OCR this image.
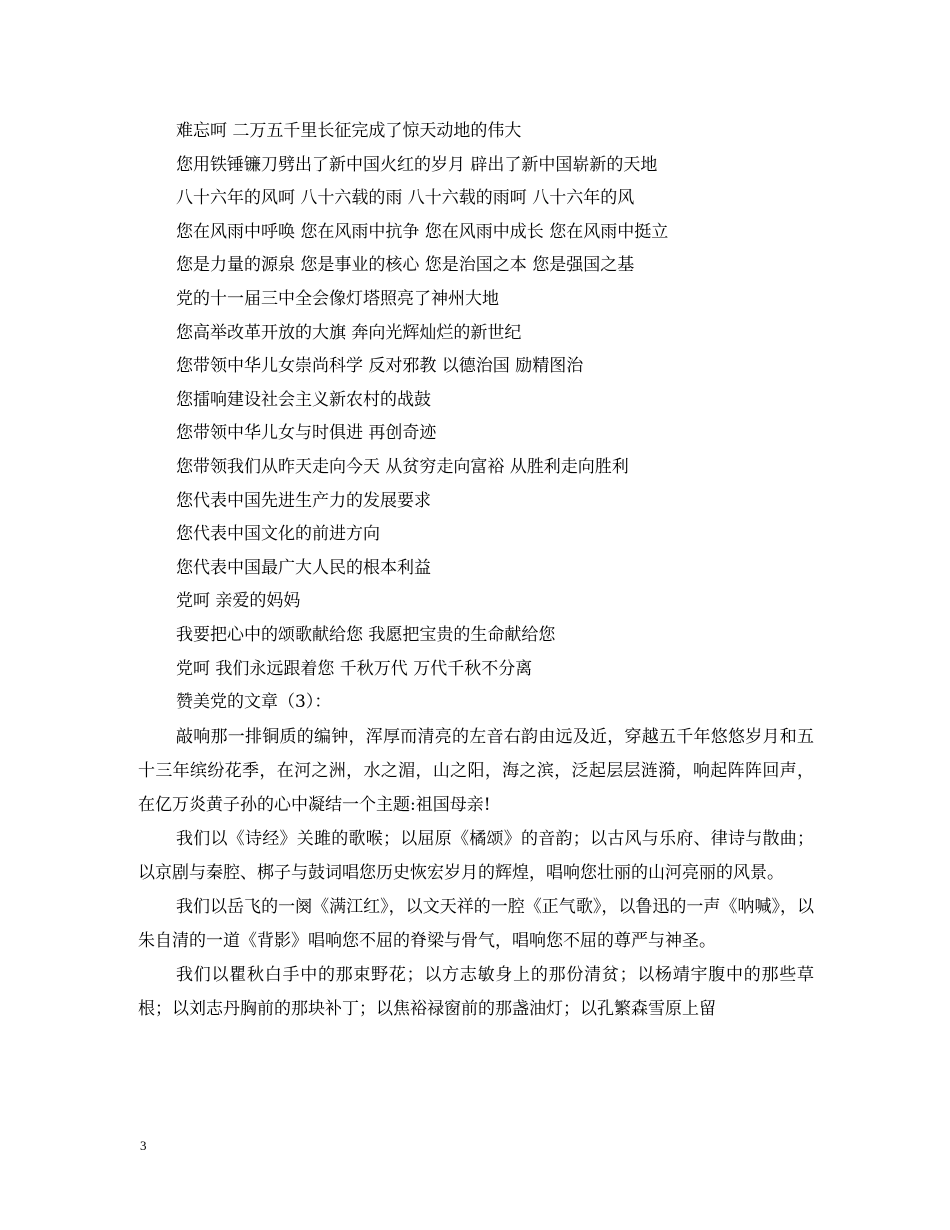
难忘呵 二万五千里长征完成了惊天动地的伟大
您用铁锤镰刀劈出了新中国火红的岁月 辟出了新中国崭新的天地
八十六年的风呵 八十六载的雨 八十六载的雨呵 八十六年的风
您在风雨中呼唤 您在风雨中抗争 您在风雨中成长 您在风雨中挺立
您是力量的源泉 您是事业的核心 您是治国之本 您是强国之基
党的十一届三中全会像灯塔照亮了神州大地
您高举改革开放的大旗 奔向光辉灿烂的新世纪
您带领中华儿女崇尚科学 反对邪教 以德治国 励精图治
您擂响建设社会主义新农村的战鼓
您带领中华儿女与时俱进 再创奇迹
您带领我们从昨天走向今天 从贫穷走向富裕 从胜利走向胜利
您代表中国先进生产力的发展要求
您代表中国文化的前进方向
您代表中国最广大人民的根本利益
党呵 亲爱的妈妈
我要把心中的颂歌献给您 我愿把宝贵的生命献给您
党呵 我们永远跟着您 千秋万代 万代千秋不分离
赞美党的文章（3）：

敲响那一排铜质的编钟，浑厚而清亮的左音右韵由远及近，穿越五千年悠悠岁月和五十三年缤纷花季，在河之洲，水之湄，山之阳，海之滨，泛起层层涟漪，响起阵阵回声，在亿万炎黄子孙的心中凝结一个主题:祖国母亲!

我们以《诗经》关雎的歌喉；以屈原《橘颂》的音韵；以古风与乐府、律诗与散曲；以京剧与秦腔、梆子与鼓词唱您历史恢宏岁月的辉煌，唱响您壮丽的山河亮丽的风景。

我们以岳飞的一阕《满江红》，以文天祥的一腔《正气歌》，以鲁迅的一声《呐喊》，以朱自清的一道《背影》唱响您不屈的脊梁与骨气，唱响您不屈的尊严与神圣。

我们以瞿秋白手中的那束野花；以方志敏身上的那份清贫；以杨靖宇腹中的那些草根；以刘志丹胸前的那块补丁；以焦裕禄窗前的那盏油灯；以孔繁森雪原上留

3
